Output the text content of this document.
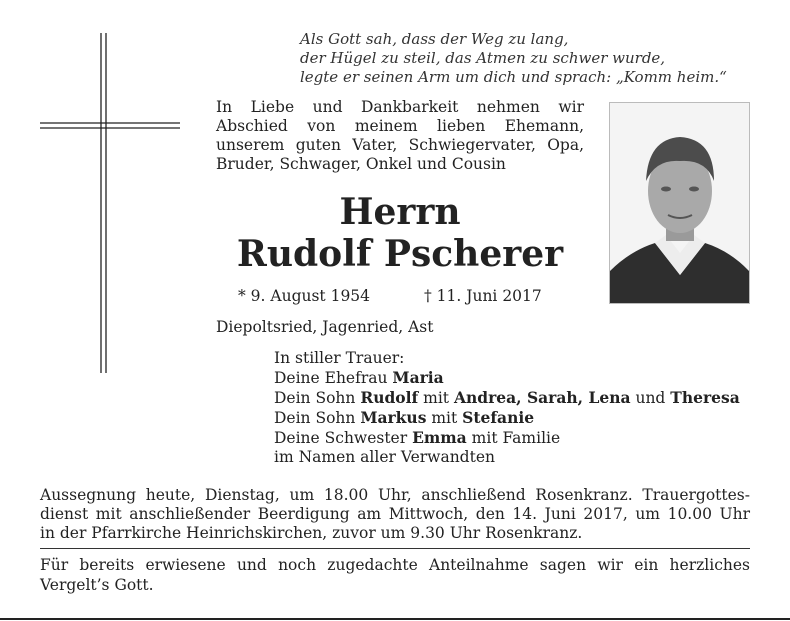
Als Gott sah, dass der Weg zu lang,
der Hügel zu steil, das Atmen zu schwer wurde,
legte er seinen Arm um dich und sprach: „Komm heim.“
In Liebe und Dankbarkeit nehmen wir Abschied von meinem lieben Ehemann, unserem guten Vater, Schwiegervater, Opa, Bruder, Schwager, Onkel und Cousin
Herrn
Rudolf Pscherer
* 9. August 1954	† 11. Juni 2017
Diepoltsried, Jagenried, Ast
In stiller Trauer:
Deine Ehefrau Maria
Dein Sohn Rudolf mit Andrea, Sarah, Lena und Theresa
Dein Sohn Markus mit Stefanie
Deine Schwester Emma mit Familie
im Namen aller Verwandten
Aussegnung heute, Dienstag, um 18.00 Uhr, anschließend Rosenkranz. Trauergottes-
dienst mit anschließender Beerdigung am Mittwoch, den 14. Juni 2017, um 10.00 Uhr
in der Pfarrkirche Heinrichskirchen, zuvor um 9.30 Uhr Rosenkranz.
Für bereits erwiesene und noch zugedachte Anteilnahme sagen wir ein herzliches Vergelt’s Gott.
